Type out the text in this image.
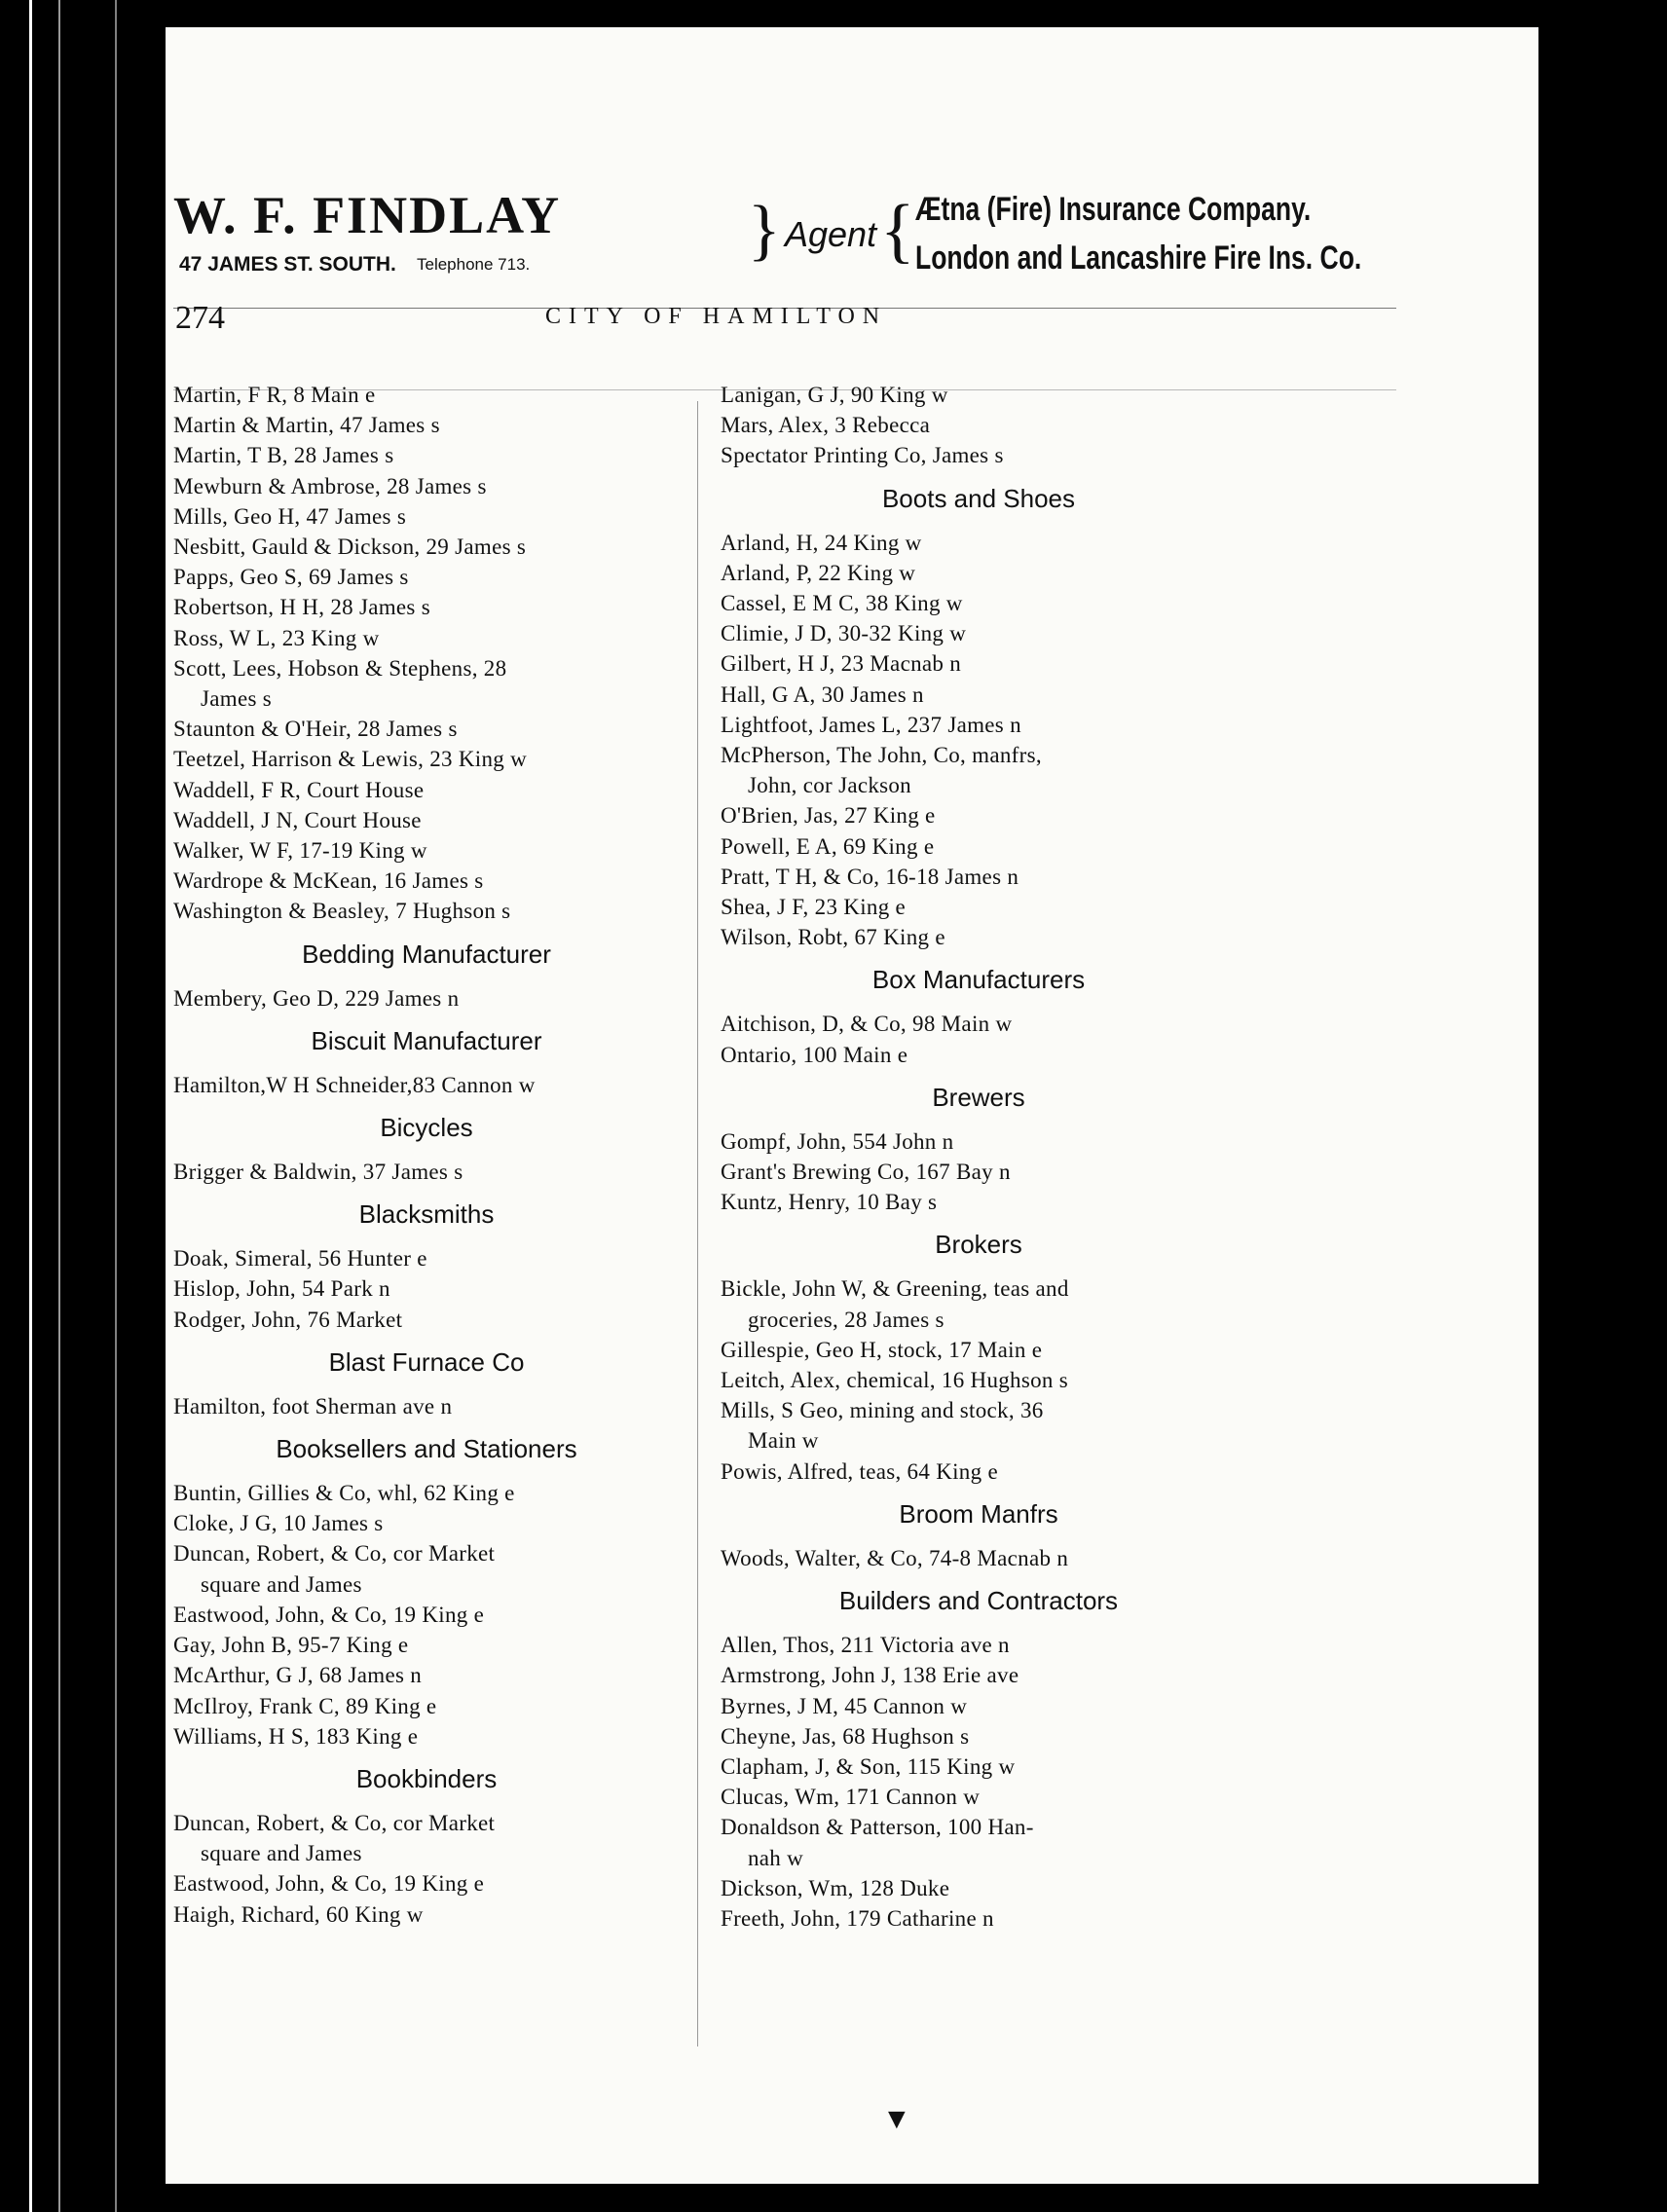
W. F. FINDLAY
47 JAMES ST. SOUTH. Telephone 713.	} Agent { Ætna (Fire) Insurance Company.
London and Lancashire Fire Ins. Co.
274	CITY OF HAMILTON
Martin, F R, 8 Main e
Martin & Martin, 47 James s
Martin, T B, 28 James s
Mewburn & Ambrose, 28 James s
Mills, Geo H, 47 James s
Nesbitt, Gauld & Dickson, 29 James s
Papps, Geo S, 69 James s
Robertson, H H, 28 James s
Ross, W L, 23 King w
Scott, Lees, Hobson & Stephens, 28
James s
Staunton & O'Heir, 28 James s
Teetzel, Harrison & Lewis, 23 King w
Waddell, F R, Court House
Waddell, J N, Court House
Walker, W F, 17-19 King w
Wardrope & McKean, 16 James s
Washington & Beasley, 7 Hughson s
Bedding Manufacturer
Membery, Geo D, 229 James n
Biscuit Manufacturer
Hamilton,W H Schneider,83 Cannon w
Bicycles
Brigger & Baldwin, 37 James s
Blacksmiths
Doak, Simeral, 56 Hunter e
Hislop, John, 54 Park n
Rodger, John, 76 Market
Blast Furnace Co
Hamilton, foot Sherman ave n
Booksellers and Stationers
Buntin, Gillies & Co, whl, 62 King e
Cloke, J G, 10 James s
Duncan, Robert, & Co, cor Market
square and James
Eastwood, John, & Co, 19 King e
Gay, John B, 95-7 King e
McArthur, G J, 68 James n
McIlroy, Frank C, 89 King e
Williams, H S, 183 King e
Bookbinders
Duncan, Robert, & Co, cor Market
square and James
Eastwood, John, & Co, 19 King e
Haigh, Richard, 60 King w
Lanigan, G J, 90 King w
Mars, Alex, 3 Rebecca
Spectator Printing Co, James s
Boots and Shoes
Arland, H, 24 King w
Arland, P, 22 King w
Cassel, E M C, 38 King w
Climie, J D, 30-32 King w
Gilbert, H J, 23 Macnab n
Hall, G A, 30 James n
Lightfoot, James L, 237 James n
McPherson, The John, Co, manfrs,
John, cor Jackson
O'Brien, Jas, 27 King e
Powell, E A, 69 King e
Pratt, T H, & Co, 16-18 James n
Shea, J F, 23 King e
Wilson, Robt, 67 King e
Box Manufacturers
Aitchison, D, & Co, 98 Main w
Ontario, 100 Main e
Brewers
Gompf, John, 554 John n
Grant's Brewing Co, 167 Bay n
Kuntz, Henry, 10 Bay s
Brokers
Bickle, John W, & Greening, teas and
groceries, 28 James s
Gillespie, Geo H, stock, 17 Main e
Leitch, Alex, chemical, 16 Hughson s
Mills, S Geo, mining and stock, 36
Main w
Powis, Alfred, teas, 64 King e
Broom Manfrs
Woods, Walter, & Co, 74-8 Macnab n
Builders and Contractors
Allen, Thos, 211 Victoria ave n
Armstrong, John J, 138 Erie ave
Byrnes, J M, 45 Cannon w
Cheyne, Jas, 68 Hughson s
Clapham, J, & Son, 115 King w
Clucas, Wm, 171 Cannon w
Donaldson & Patterson, 100 Han-
nah w
Dickson, Wm, 128 Duke
Freeth, John, 179 Catharine n
▼
